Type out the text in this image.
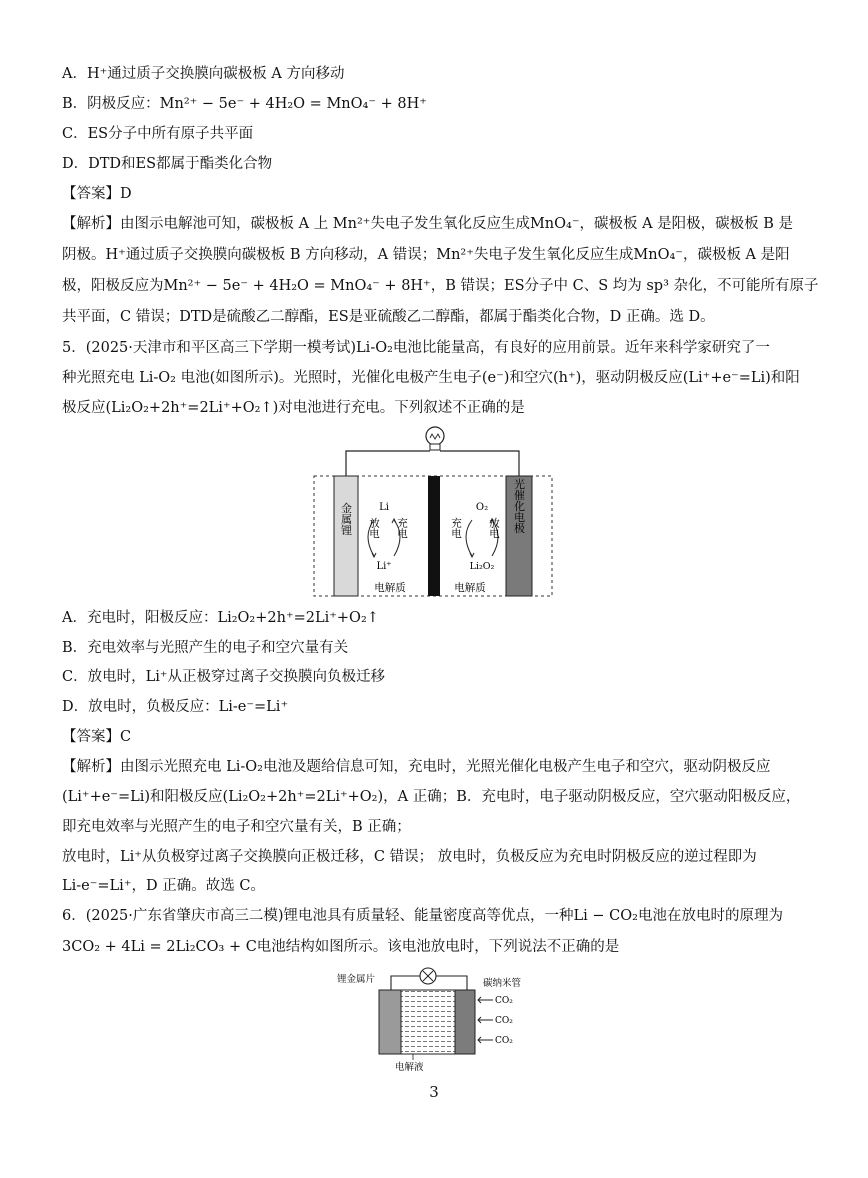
A．H⁺通过质子交换膜向碳极板 A 方向移动
B．阴极反应：Mn²⁺ − 5e⁻ + 4H₂O = MnO₄⁻ + 8H⁺
C．ES分子中所有原子共平面
D．DTD和ES都属于酯类化合物
【答案】D
【解析】由图示电解池可知，碳极板 A 上 Mn²⁺失电子发生氧化反应生成MnO₄⁻，碳极板 A 是阳极，碳极板 B 是
阴极。H⁺通过质子交换膜向碳极板 B 方向移动，A 错误；Mn²⁺失电子发生氧化反应生成MnO₄⁻，碳极板 A 是阳
极，阳极反应为Mn²⁺ − 5e⁻ + 4H₂O = MnO₄⁻ + 8H⁺，B 错误；ES分子中 C、S 均为 sp³ 杂化，不可能所有原子
共平面，C 错误；DTD是硫酸乙二醇酯，ES是亚硫酸乙二醇酯，都属于酯类化合物，D 正确。选 D。
5．(2025·天津市和平区高三下学期一模考试)Li-O₂电池比能量高，有良好的应用前景。近年来科学家研究了一
种光照充电 Li-O₂ 电池(如图所示)。光照时，光催化电极产生电子(e⁻)和空穴(h⁺)，驱动阴极反应(Li⁺+e⁻=Li)和阳
极反应(Li₂O₂+2h⁺=2Li⁺+O₂↑)对电池进行充电。下列叙述不正确的是
金属锂	光催化电极
Li
Li⁺
放电 充电
O₂
Li₂O₂
充电 放电
电解质	电解质
A．充电时，阳极反应：Li₂O₂+2h⁺=2Li⁺+O₂↑
B．充电效率与光照产生的电子和空穴量有关
C．放电时，Li⁺从正极穿过离子交换膜向负极迁移
D．放电时，负极反应：Li-e⁻=Li⁺
【答案】C
【解析】由图示光照充电 Li-O₂电池及题给信息可知，充电时，光照光催化电极产生电子和空穴，驱动阴极反应
(Li⁺+e⁻=Li)和阳极反应(Li₂O₂+2h⁺=2Li⁺+O₂)，A 正确；B．充电时，电子驱动阴极反应，空穴驱动阳极反应，
即充电效率与光照产生的电子和空穴量有关，B 正确；
放电时，Li⁺从负极穿过离子交换膜向正极迁移，C 错误； 放电时，负极反应为充电时阴极反应的逆过程即为
Li-e⁻=Li⁺，D 正确。故选 C。
6．(2025·广东省肇庆市高三二模)锂电池具有质量轻、能量密度高等优点，一种Li − CO₂电池在放电时的原理为
3CO₂ + 4Li = 2Li₂CO₃ + C电池结构如图所示。该电池放电时，下列说法不正确的是
锂金属片	碳纳米管
CO₂
CO₂
CO₂
电解液
3
